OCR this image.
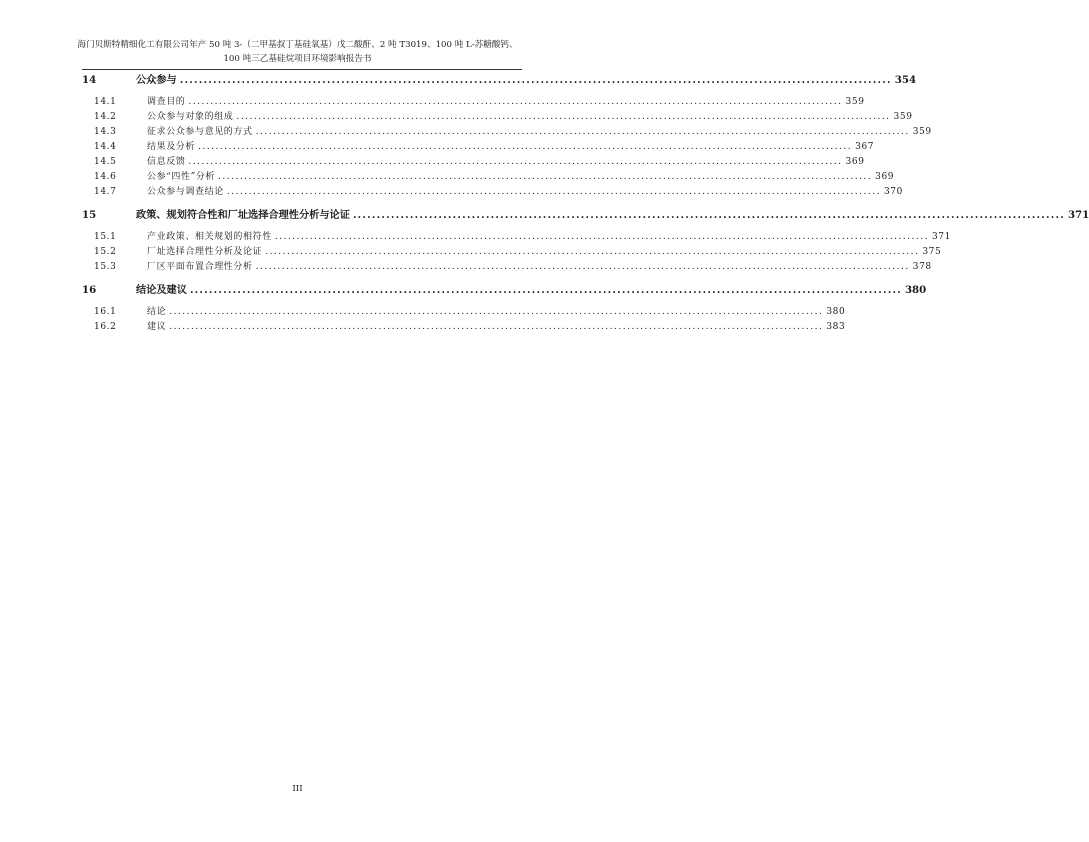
海门贝斯特精细化工有限公司年产 50 吨 3-（二甲基叔丁基硅氧基）戊二酸酐、2 吨 T3019、100 吨 L-苏糖酸钙、
100 吨三乙基硅烷项目环境影响报告书
14	公众参与 ...................................................................................................................................................... 354
14.1	调查目的 ...................................................................................................................................................... 359
14.2	公众参与对象的组成 ...................................................................................................................................................... 359
14.3	征求公众参与意见的方式 ...................................................................................................................................................... 359
14.4	结果及分析 ...................................................................................................................................................... 367
14.5	信息反馈 ...................................................................................................................................................... 369
14.6	公参“四性”分析 ...................................................................................................................................................... 369
14.7	公众参与调查结论 ...................................................................................................................................................... 370
15	政策、规划符合性和厂址选择合理性分析与论证 ...................................................................................................................................................... 371
15.1	产业政策、相关规划的相符性 ...................................................................................................................................................... 371
15.2	厂址选择合理性分析及论证 ...................................................................................................................................................... 375
15.3	厂区平面布置合理性分析 ...................................................................................................................................................... 378
16	结论及建议 ...................................................................................................................................................... 380
16.1	结论 ...................................................................................................................................................... 380
16.2	建议 ...................................................................................................................................................... 383
III
